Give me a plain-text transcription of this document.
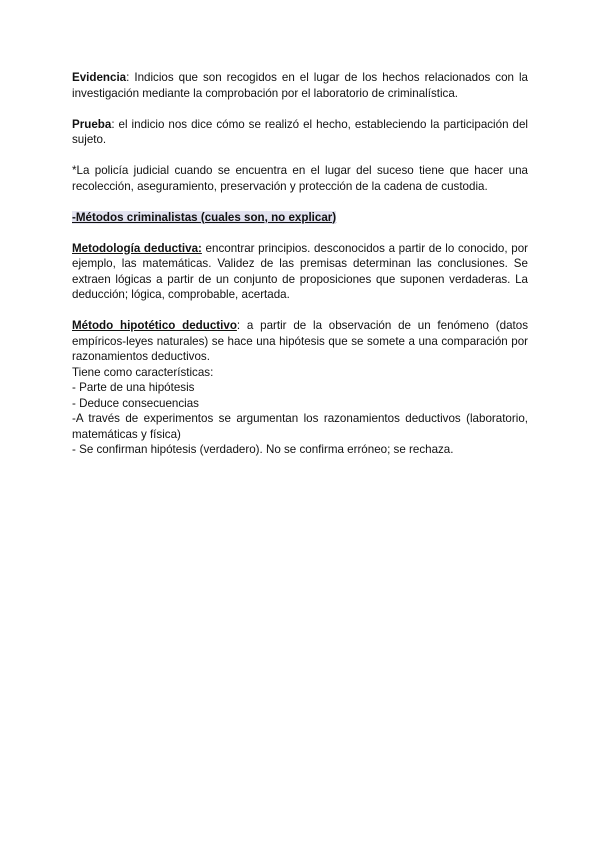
Evidencia: Indicios que son recogidos en el lugar de los hechos relacionados con la investigación mediante la comprobación por el laboratorio de criminalística.

Prueba: el indicio nos dice cómo se realizó el hecho, estableciendo la participación del sujeto.

*La policía judicial cuando se encuentra en el lugar del suceso tiene que hacer una recolección, aseguramiento, preservación y protección de la cadena de custodia.

-Métodos criminalistas (cuales son, no explicar)

Metodología deductiva: encontrar principios. desconocidos a partir de lo conocido, por ejemplo, las matemáticas. Validez de las premisas determinan las conclusiones. Se extraen lógicas a partir de un conjunto de proposiciones que suponen verdaderas. La deducción; lógica, comprobable, acertada.

Método hipotético deductivo: a partir de la observación de un fenómeno (datos empíricos-leyes naturales) se hace una hipótesis que se somete a una comparación por razonamientos deductivos.

Tiene como características:

- Parte de una hipótesis

- Deduce consecuencias

-A través de experimentos se argumentan los razonamientos deductivos (laboratorio, matemáticas y física)

- Se confirman hipótesis (verdadero). No se confirma erróneo; se rechaza.
